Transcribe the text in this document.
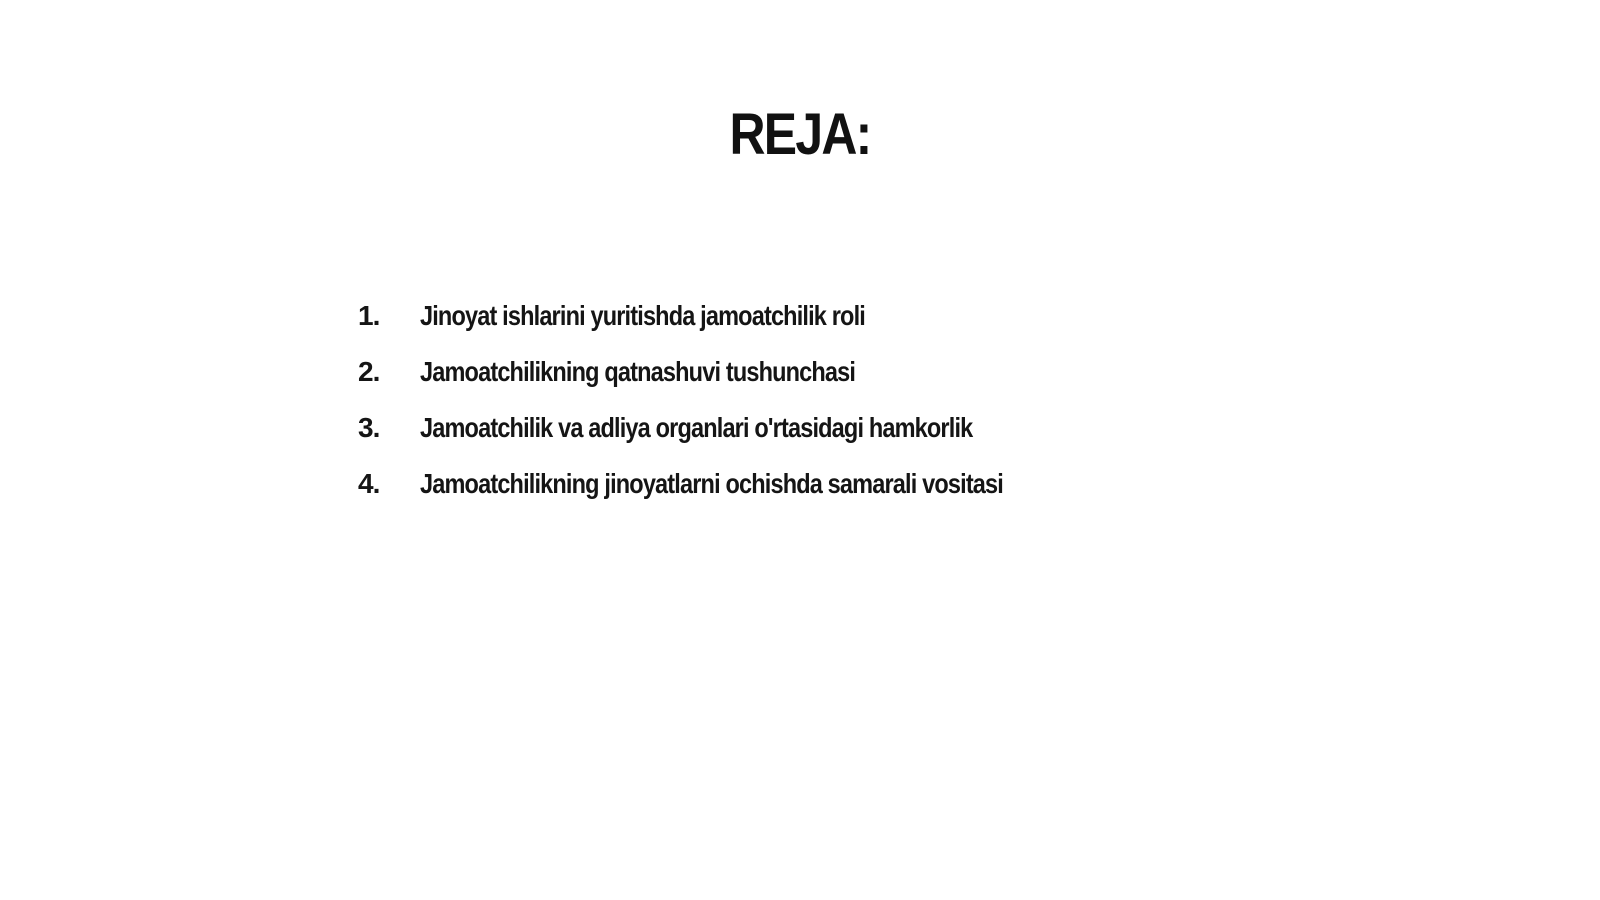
REJA:
1.	Jinoyat ishlarini yuritishda jamoatchilik roli
2.	Jamoatchilikning qatnashuvi tushunchasi
3.	Jamoatchilik va adliya organlari o'rtasidagi hamkorlik
4.	Jamoatchilikning jinoyatlarni ochishda samarali vositasi
